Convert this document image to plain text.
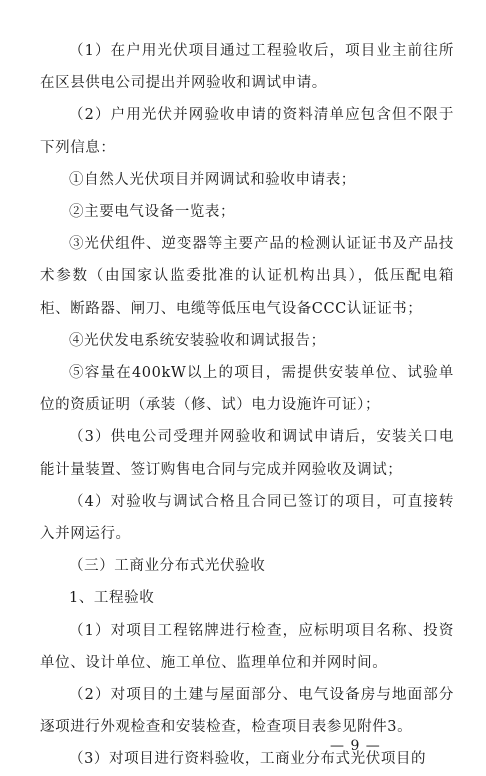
（1）在户用光伏项目通过工程验收后，项目业主前往所在区县供电公司提出并网验收和调试申请。

（2）户用光伏并网验收申请的资料清单应包含但不限于下列信息：

①自然人光伏项目并网调试和验收申请表；

②主要电气设备一览表；

③光伏组件、逆变器等主要产品的检测认证证书及产品技术参数（由国家认监委批准的认证机构出具），低压配电箱柜、断路器、闸刀、电缆等低压电气设备CCC认证证书；

④光伏发电系统安装验收和调试报告；

⑤容量在400kW以上的项目，需提供安装单位、试验单位的资质证明（承装（修、试）电力设施许可证）；

（3）供电公司受理并网验收和调试申请后，安装关口电能计量装置、签订购售电合同与完成并网验收及调试；

（4）对验收与调试合格且合同已签订的项目，可直接转入并网运行。

（三）工商业分布式光伏验收

1、工程验收

（1）对项目工程铭牌进行检查，应标明项目名称、投资单位、设计单位、施工单位、监理单位和并网时间。

（2）对项目的土建与屋面部分、电气设备房与地面部分逐项进行外观检查和安装检查，检查项目表参见附件3。

（3）对项目进行资料验收，工商业分布式光伏项目的

— 9 —
